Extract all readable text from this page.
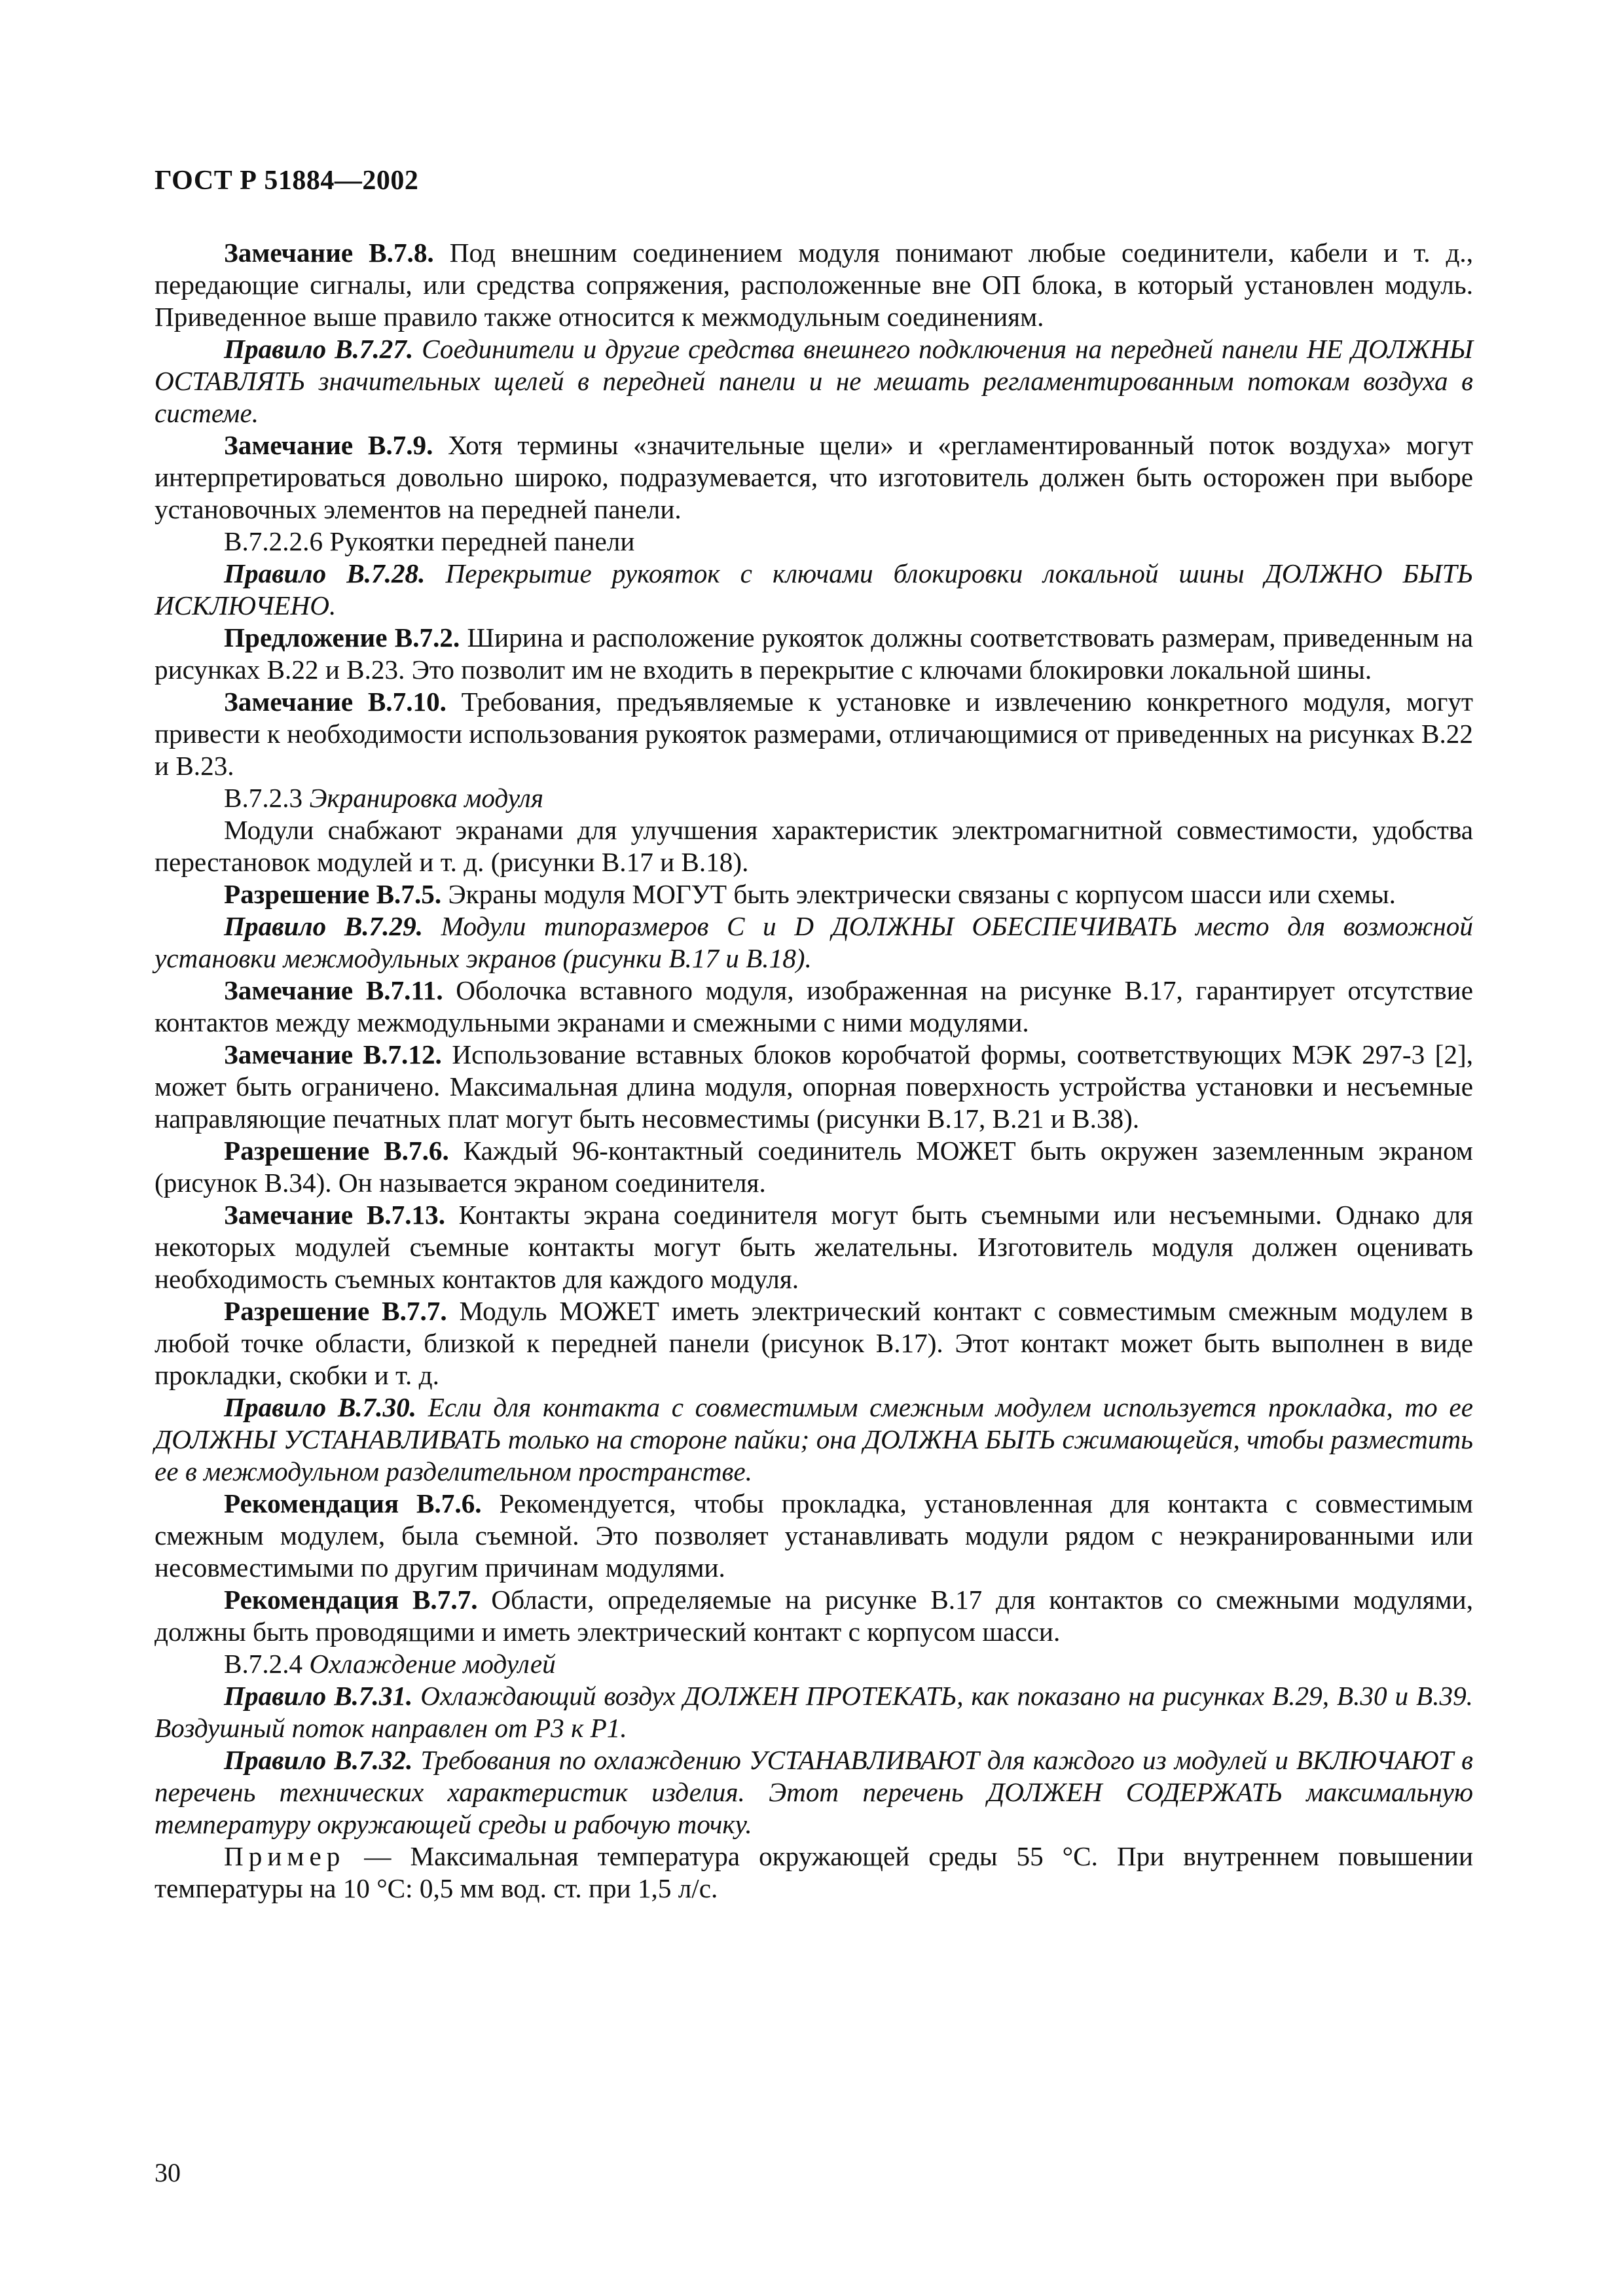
ГОСТ Р 51884—2002

Замечание В.7.8. Под внешним соединением модуля понимают любые соединители, кабели и т. д., передающие сигналы, или средства сопряжения, расположенные вне ОП блока, в который установлен модуль. Приведенное выше правило также относится к межмодульным соединениям.

Правило В.7.27. Соединители и другие средства внешнего подключения на передней панели НЕ ДОЛЖНЫ ОСТАВЛЯТЬ значительных щелей в передней панели и не мешать регламентированным потокам воздуха в системе.

Замечание В.7.9. Хотя термины «значительные щели» и «регламентированный поток воздуха» могут интерпретироваться довольно широко, подразумевается, что изготовитель должен быть осторожен при выборе установочных элементов на передней панели.

В.7.2.2.6 Рукоятки передней панели

Правило В.7.28. Перекрытие рукояток с ключами блокировки локальной шины ДОЛЖНО БЫТЬ ИСКЛЮЧЕНО.

Предложение В.7.2. Ширина и расположение рукояток должны соответствовать размерам, приведенным на рисунках В.22 и В.23. Это позволит им не входить в перекрытие с ключами блокировки локальной шины.

Замечание В.7.10. Требования, предъявляемые к установке и извлечению конкретного модуля, могут привести к необходимости использования рукояток размерами, отличающимися от приведенных на рисунках В.22 и В.23.

В.7.2.3 Экранировка модуля

Модули снабжают экранами для улучшения характеристик электромагнитной совместимости, удобства перестановок модулей и т. д. (рисунки В.17 и В.18).

Разрешение В.7.5. Экраны модуля МОГУТ быть электрически связаны с корпусом шасси или схемы.

Правило В.7.29. Модули типоразмеров С и D ДОЛЖНЫ ОБЕСПЕЧИВАТЬ место для возможной установки межмодульных экранов (рисунки В.17 и В.18).

Замечание В.7.11. Оболочка вставного модуля, изображенная на рисунке В.17, гарантирует отсутствие контактов между межмодульными экранами и смежными с ними модулями.

Замечание В.7.12. Использование вставных блоков коробчатой формы, соответствующих МЭК 297-3 [2], может быть ограничено. Максимальная длина модуля, опорная поверхность устройства установки и несъемные направляющие печатных плат могут быть несовместимы (рисунки В.17, В.21 и В.38).

Разрешение В.7.6. Каждый 96-контактный соединитель МОЖЕТ быть окружен заземленным экраном (рисунок В.34). Он называется экраном соединителя.

Замечание В.7.13. Контакты экрана соединителя могут быть съемными или несъемными. Однако для некоторых модулей съемные контакты могут быть желательны. Изготовитель модуля должен оценивать необходимость съемных контактов для каждого модуля.

Разрешение В.7.7. Модуль МОЖЕТ иметь электрический контакт с совместимым смежным модулем в любой точке области, близкой к передней панели (рисунок В.17). Этот контакт может быть выполнен в виде прокладки, скобки и т. д.

Правило В.7.30. Если для контакта с совместимым смежным модулем используется прокладка, то ее ДОЛЖНЫ УСТАНАВЛИВАТЬ только на стороне пайки; она ДОЛЖНА БЫТЬ сжимающейся, чтобы разместить ее в межмодульном разделительном пространстве.

Рекомендация В.7.6. Рекомендуется, чтобы прокладка, установленная для контакта с совместимым смежным модулем, была съемной. Это позволяет устанавливать модули рядом с неэкранированными или несовместимыми по другим причинам модулями.

Рекомендация В.7.7. Области, определяемые на рисунке В.17 для контактов со смежными модулями, должны быть проводящими и иметь электрический контакт с корпусом шасси.

В.7.2.4 Охлаждение модулей

Правило В.7.31. Охлаждающий воздух ДОЛЖЕН ПРОТЕКАТЬ, как показано на рисунках В.29, В.30 и В.39. Воздушный поток направлен от Р3 к Р1.

Правило В.7.32. Требования по охлаждению УСТАНАВЛИВАЮТ для каждого из модулей и ВКЛЮЧАЮТ в перечень технических характеристик изделия. Этот перечень ДОЛЖЕН СОДЕРЖАТЬ максимальную температуру окружающей среды и рабочую точку.

Пример — Максимальная температура окружающей среды 55 °С. При внутреннем повышении температуры на 10 °С: 0,5 мм вод. ст. при 1,5 л/с.

30
